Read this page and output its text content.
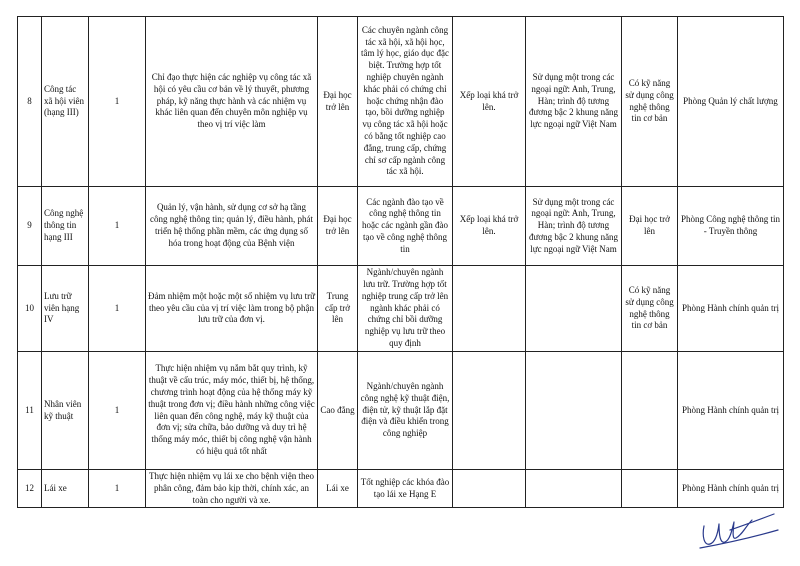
8	Công tác xã hội viên (hạng III)	1	Chỉ đạo thực hiện các nghiệp vụ công tác xã hội có yêu cầu cơ bản về lý thuyết, phương pháp, kỹ năng thực hành và các nhiệm vụ khác liên quan đến chuyên môn nghiệp vụ theo vị trí việc làm	Đại học trở lên	Các chuyên ngành công tác xã hội, xã hội học, tâm lý học, giáo dục đặc biệt. Trường hợp tốt nghiệp chuyên ngành khác phải có chứng chỉ hoặc chứng nhận đào tạo, bồi dưỡng nghiệp vụ công tác xã hội hoặc có bằng tốt nghiệp cao đẳng, trung cấp, chứng chỉ sơ cấp ngành công tác xã hội.	Xếp loại khá trở lên.	Sử dụng một trong các ngoại ngữ: Anh, Trung, Hàn; trình độ tương đương bậc 2 khung năng lực ngoại ngữ Việt Nam	Có kỹ năng sử dụng công nghệ thông tin cơ bản	Phòng Quản lý chất lượng
9	Công nghệ thông tin hạng III	1	Quản lý, vận hành, sử dụng cơ sở hạ tầng công nghệ thông tin; quản lý, điều hành, phát triển hệ thống phần mềm, các ứng dụng số hóa trong hoạt động của Bệnh viện	Đại học trở lên	Các ngành đào tạo về công nghệ thông tin hoặc các ngành gần đào tạo về công nghệ thông tin	Xếp loại khá trở lên.	Sử dụng một trong các ngoại ngữ: Anh, Trung, Hàn; trình độ tương đương bậc 2 khung năng lực ngoại ngữ Việt Nam	Đại học trở lên	Phòng Công nghệ thông tin - Truyền thông
10	Lưu trữ viên hạng IV	1	Đảm nhiệm một hoặc một số nhiệm vụ lưu trữ theo yêu cầu của vị trí việc làm trong bộ phận lưu trữ của đơn vị.	Trung cấp trở lên	Ngành/chuyên ngành lưu trữ. Trường hợp tốt nghiệp trung cấp trở lên ngành khác phải có chứng chỉ bồi dưỡng nghiệp vụ lưu trữ theo quy định			Có kỹ năng sử dụng công nghệ thông tin cơ bản	Phòng Hành chính quản trị
11	Nhân viên kỹ thuật	1	Thực hiện nhiệm vụ nắm bắt quy trình, kỹ thuật về cấu trúc, máy móc, thiết bị, hệ thống, chương trình hoạt động của hệ thống máy kỹ thuật trong đơn vị; điều hành những công việc liên quan đến công nghệ, máy kỹ thuật của đơn vị; sửa chữa, bảo dưỡng và duy trì hệ thống máy móc, thiết bị công nghệ vận hành có hiệu quả tốt nhất	Cao đẳng	Ngành/chuyên ngành công nghệ kỹ thuật điện, điện tử, kỹ thuật lắp đặt điện và điều khiển trong công nghiệp				Phòng Hành chính quản trị
12	Lái xe	1	Thực hiện nhiệm vụ lái xe cho bệnh viện theo phân công, đảm bảo kịp thời, chính xác, an toàn cho người và xe.	Lái xe	Tốt nghiệp các khóa đào tạo lái xe Hạng E				Phòng Hành chính quản trị
